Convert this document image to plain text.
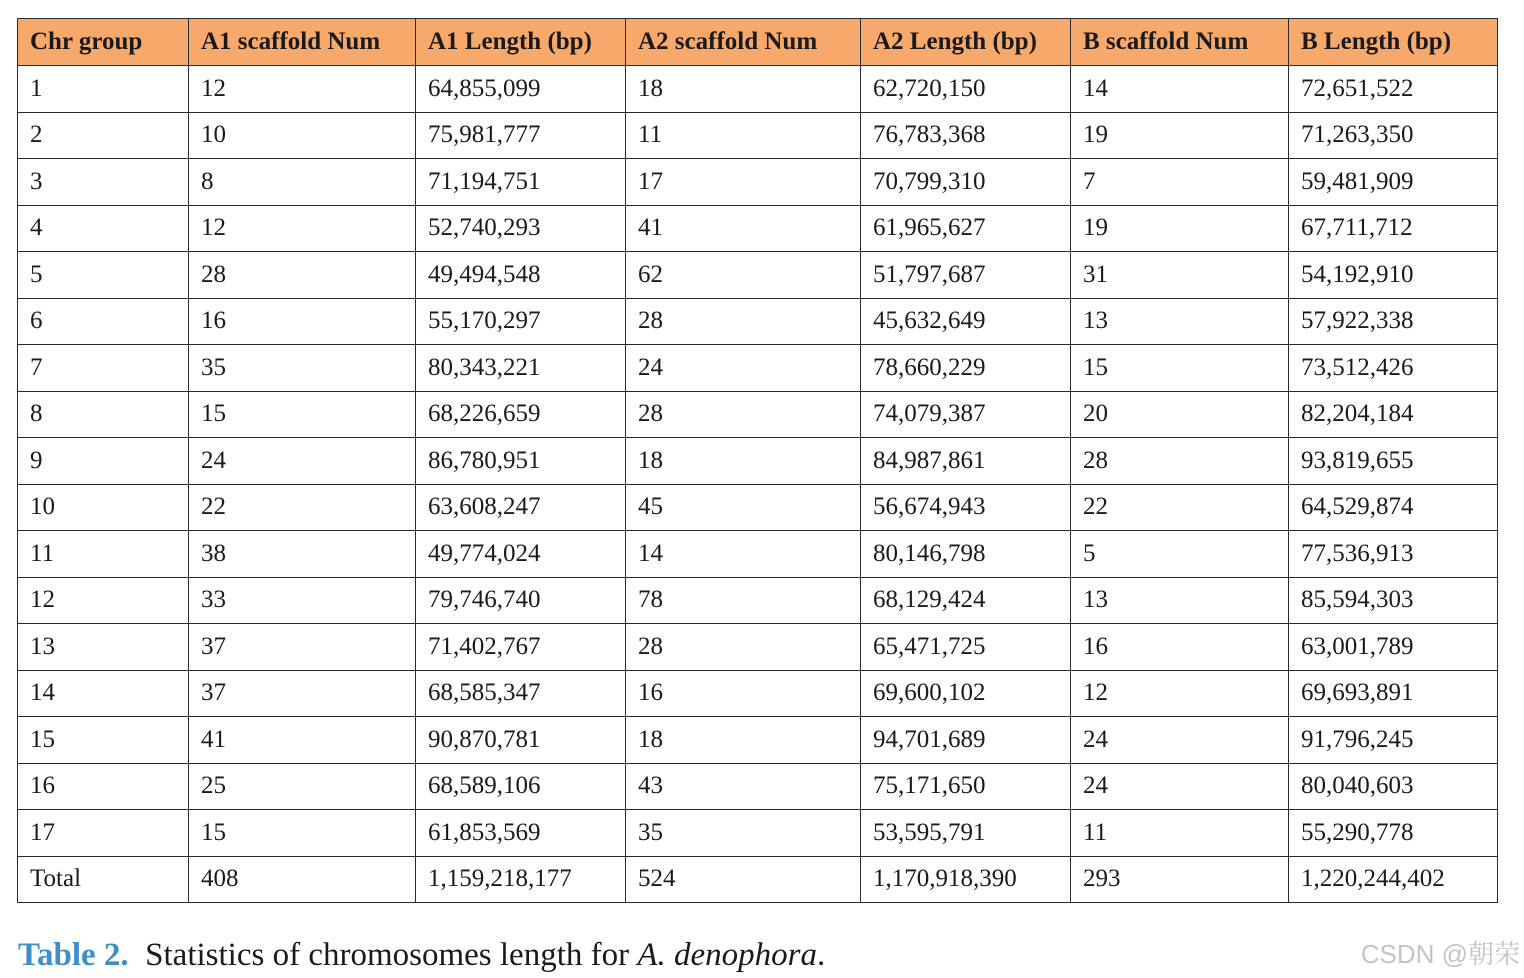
Chr group	A1 scaffold Num	A1 Length (bp)	A2 scaffold Num	A2 Length (bp)	B scaffold Num	B Length (bp)
1	12	64,855,099	18	62,720,150	14	72,651,522
2	10	75,981,777	11	76,783,368	19	71,263,350
3	8	71,194,751	17	70,799,310	7	59,481,909
4	12	52,740,293	41	61,965,627	19	67,711,712
5	28	49,494,548	62	51,797,687	31	54,192,910
6	16	55,170,297	28	45,632,649	13	57,922,338
7	35	80,343,221	24	78,660,229	15	73,512,426
8	15	68,226,659	28	74,079,387	20	82,204,184
9	24	86,780,951	18	84,987,861	28	93,819,655
10	22	63,608,247	45	56,674,943	22	64,529,874
11	38	49,774,024	14	80,146,798	5	77,536,913
12	33	79,746,740	78	68,129,424	13	85,594,303
13	37	71,402,767	28	65,471,725	16	63,001,789
14	37	68,585,347	16	69,600,102	12	69,693,891
15	41	90,870,781	18	94,701,689	24	91,796,245
16	25	68,589,106	43	75,171,650	24	80,040,603
17	15	61,853,569	35	53,595,791	11	55,290,778
Total	408	1,159,218,177	524	1,170,918,390	293	1,220,244,402
Table 2. Statistics of chromosomes length for A. denophora.	CSDN @朝荣
